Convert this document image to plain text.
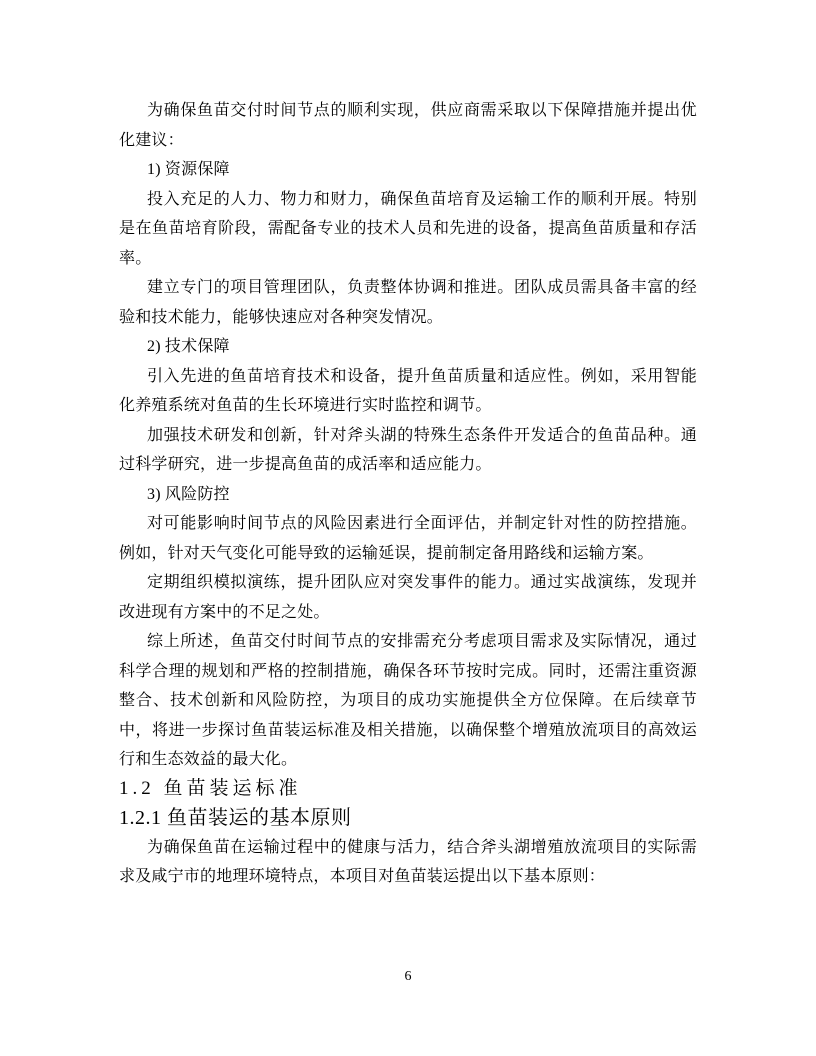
为确保鱼苗交付时间节点的顺利实现，供应商需采取以下保障措施并提出优化建议：

1) 资源保障

投入充足的人力、物力和财力，确保鱼苗培育及运输工作的顺利开展。特别是在鱼苗培育阶段，需配备专业的技术人员和先进的设备，提高鱼苗质量和存活率。

建立专门的项目管理团队，负责整体协调和推进。团队成员需具备丰富的经验和技术能力，能够快速应对各种突发情况。

2) 技术保障

引入先进的鱼苗培育技术和设备，提升鱼苗质量和适应性。例如，采用智能化养殖系统对鱼苗的生长环境进行实时监控和调节。

加强技术研发和创新，针对斧头湖的特殊生态条件开发适合的鱼苗品种。通过科学研究，进一步提高鱼苗的成活率和适应能力。

3) 风险防控

对可能影响时间节点的风险因素进行全面评估，并制定针对性的防控措施。例如，针对天气变化可能导致的运输延误，提前制定备用路线和运输方案。

定期组织模拟演练，提升团队应对突发事件的能力。通过实战演练，发现并改进现有方案中的不足之处。

综上所述，鱼苗交付时间节点的安排需充分考虑项目需求及实际情况，通过科学合理的规划和严格的控制措施，确保各环节按时完成。同时，还需注重资源整合、技术创新和风险防控，为项目的成功实施提供全方位保障。在后续章节中，将进一步探讨鱼苗装运标准及相关措施，以确保整个增殖放流项目的高效运行和生态效益的最大化。

1.2 鱼苗装运标准
1.2.1 鱼苗装运的基本原则

为确保鱼苗在运输过程中的健康与活力，结合斧头湖增殖放流项目的实际需求及咸宁市的地理环境特点，本项目对鱼苗装运提出以下基本原则：

6
